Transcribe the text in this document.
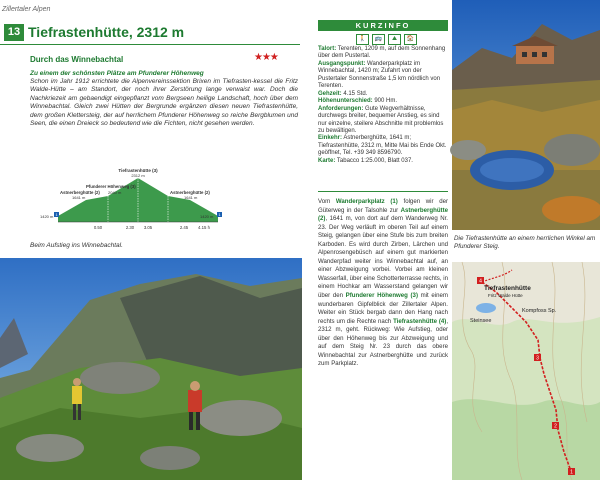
Zillertaler Alpen
13 Tiefrastenhütte, 2312 m
Durch das Winnebachtal	★★★
Zu einem der schönsten Plätze am Pfunderer Höhenweg
Schon im Jahr 1912 errichtete die Alpenvereinssektion Brixen im Tiefrasten-kessel die Fritz Walde-Hütte – am Standort, der noch ihrer Zerstörung lange verwaist war. Doch die Nachkriezeit am gebaendigt eingepflanzt vom Bergseen heilige Landschaft, hoch über dem Winnebachtal. Gleich zwei Hütten der Bergrunde ergänzen diesen neuen Tiefrastenhütte, dem großen Klettersteig, der auf herrlichem Pfunderer Höhenweg so reiche Bergblumen und Seen, die einen Dreieck so bedeutend wie die Fichten, nicht gesehen werden.
Tiefrastenhütte (3)
2312 m
Pfunderer Höhenweg (3)
2040 m
Astnerberghütte (2)
1641 m
Astnerberghütte (2)
1641 m
1
1420 m	1
1420 m
0.50	2.30 3.05	2.45 4.15 h
Beim Aufstieg ins Winnebachtal.
KURZINFO
🚶	🚌	⛰	🏠
Talort: Terenten, 1209 m, auf dem Sonnenhang über dem Pustertal.
Ausgangspunkt: Wanderparkplatz im Winnebachtal, 1420 m; Zufahrt von der Pustertaler Sonnenstraße 1,5 km nördlich von Terenten.
Gehzeit: 4.15 Std.
Höhenunterschied: 900 Hm.
Anforderungen: Gute Wegverhältnisse, durchwegs breiter, bequemer Anstieg, es sind nur einzelne, steilere Abschnitte mit problemlos zu bewältigen.
Einkehr: Astnerberghütte, 1641 m; Tiefrastenhütte, 2312 m, Mitte Mai bis Ende Okt. geöffnet, Tel. +39 349 8596790.
Karte: Tabacco 1:25.000, Blatt 037.
Vom Wanderparkplatz (1) folgen wir der Güterweg in der Talsohle zur Astnerberghütte (2), 1641 m, von dort auf dem Wanderweg Nr. 23. Der Weg verläuft im oberen Teil auf einem Steig, gelangen über eine Stufe bis zum breiten Karboden. Es wird durch Zirben, Lärchen und Alpenrosengebüsch auf einem gut markierten Wanderpfad weiter ins Winnebachtal auf, an einer Abzweigung vorbei. Vorbei am kleinen Wasserfall, über eine Schotterterrasse rechts, in einem Hochkar am Wasserstand gelangen wir über den Pfunderer Höhenweg (3) mit einem wunderbaren Gipfelblick der Zillertaler Alpen. Weiter ein Stück bergab dann den Hang nach rechts um die Rechte nach Tiefrastenhütte (4), 2312 m, geht. Rückweg: Wie Aufstieg, oder über den Höhenweg bis zur Abzweigung und auf dem Steig Nr. 23 durch das obere Winnebachtal zur Astnerberghütte und zurück zum Parkplatz.
Die Tiefrastenhütte an einem herrlichen Winkel am Pfunderer Steig.
4
3
2
1
Tiefrastenhütte
Fritz Walde Hütte
Steinsee
Kompfoss Sp.
